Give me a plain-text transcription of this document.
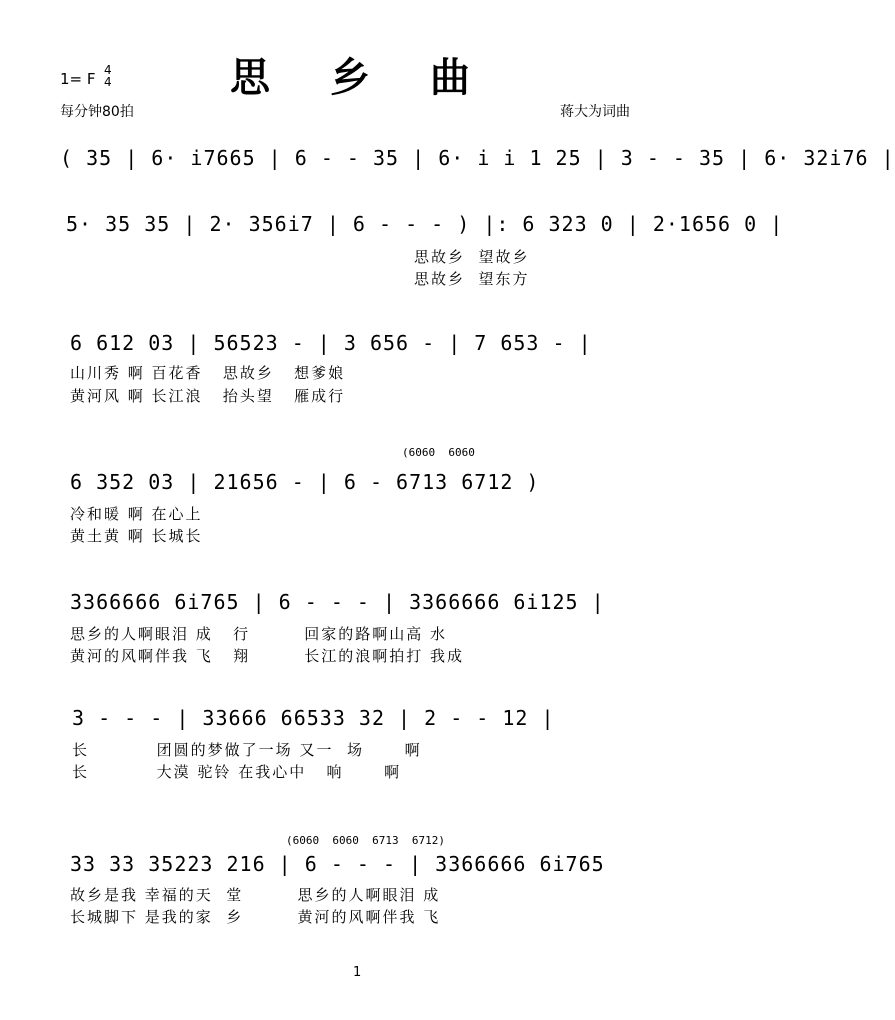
思乡曲
1= F 4
4
每分钟80拍	蒋大为词曲
( 35 | 6· i7665 | 6 - - 35 | 6· i i 1 25 | 3 - - 35 | 6· 32i76 |
5· 35 35 | 2· 356i7 | 6 - - - ) |: 6 323 0 | 2·1656 0 |
思故乡  望故乡
思故乡  望东方
6 612 03 | 56523 - | 3 656 - | 7 653 - |
山川秀 啊 百花香   思故乡   想爹娘
黄河风 啊 长江浪   抬头望   雁成行
(6060  6060
6 352 03 | 21656 - | 6 - 6713 6712 )
冷和暖 啊 在心上
黄土黄 啊 长城长
3366666 6i765 | 6 - - - | 3366666 6i125 |
思乡的人啊眼泪 成   行        回家的路啊山高 水
黄河的风啊伴我 飞   翔        长江的浪啊拍打 我成
3 - - - | 33666 66533 32 | 2 - - 12 |
长          团圆的梦做了一场 又一  场      啊
长          大漠 驼铃 在我心中   响      啊
(6060  6060  6713  6712)
33 33 35223 216 | 6 - - - | 3366666 6i765
故乡是我 幸福的天  堂        思乡的人啊眼泪 成
长城脚下 是我的家  乡        黄河的风啊伴我 飞
1
